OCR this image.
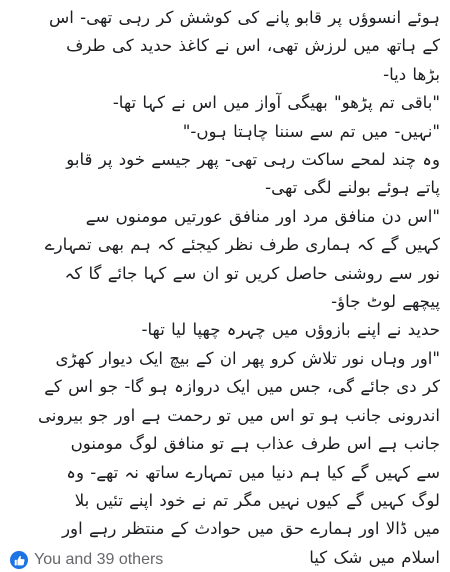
ہوئے انسوؤں پر قابو پانے کی کوشش کر رہی تھی- اس
کے ہاتھ میں لرزش تھی، اس نے کاغذ حدید کی طرف
بڑھا دیا-
"باقی تم پڑھو" بھیگی آواز میں اس نے کہا تھا-
"نہیں- میں تم سے سننا چاہتا ہوں-"
وہ چند لمحے ساکت رہی تھی- پھر جیسے خود پر قابو
پاتے ہوئے بولنے لگی تھی-
"اس دن منافق مرد اور منافق عورتیں مومنوں سے
کہیں گے کہ ہماری طرف نظر کیجئے کہ ہم بھی تمہارے
نور سے روشنی حاصل کریں تو ان سے کہا جائے گا کہ
پیچھے لوٹ جاؤ-
حدید نے اپنے بازوؤں میں چہرہ چھپا لیا تھا-
"اور وہاں نور تلاش کرو پھر ان کے بیچ ایک دیوار کھڑی
کر دی جائے گی، جس میں ایک دروازہ ہو گا- جو اس کے
اندرونی جانب ہو تو اس میں تو رحمت ہے اور جو بیرونی
جانب ہے اس طرف عذاب ہے تو منافق لوگ مومنوں
سے کہیں گے کیا ہم دنیا میں تمہارے ساتھ نہ تھے- وہ
لوگ کہیں گے کیوں نہیں مگر تم نے خود اپنے تئیں بلا
میں ڈالا اور ہمارے حق میں حوادث کے منتظر رہے اور
اسلام میں شک کیا
You and 39 others
